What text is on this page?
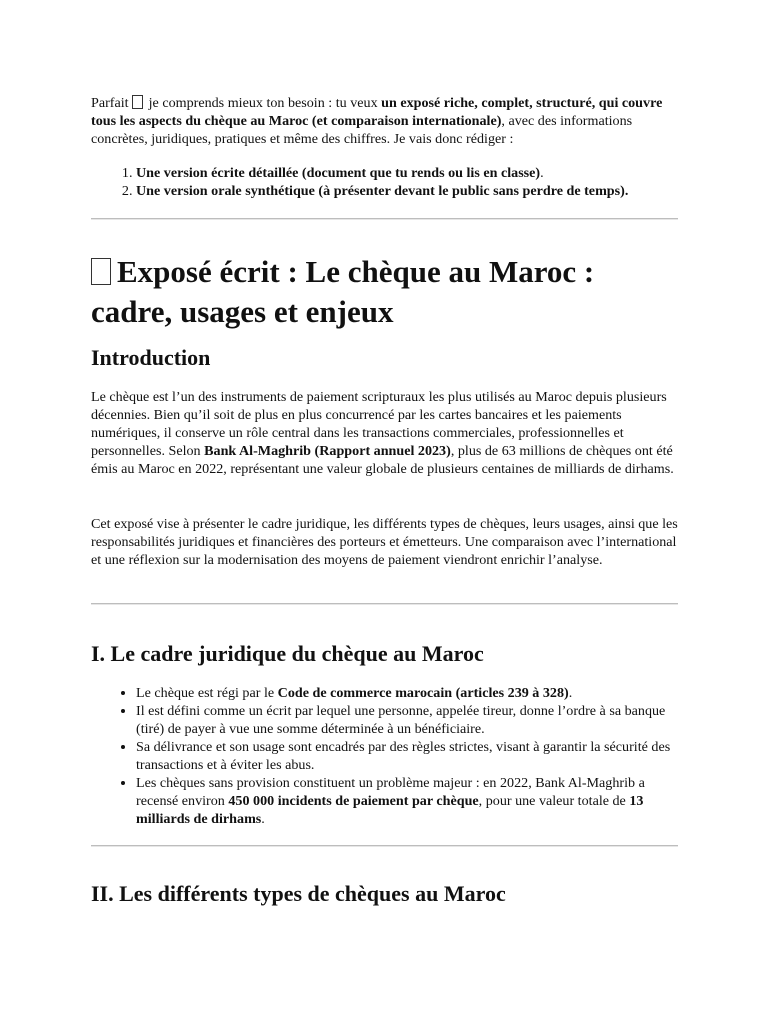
Parfait  je comprends mieux ton besoin : tu veux un exposé riche, complet, structuré, qui couvre tous les aspects du chèque au Maroc (et comparaison internationale), avec des informations concrètes, juridiques, pratiques et même des chiffres. Je vais donc rédiger :

1. Une version écrite détaillée (document que tu rends ou lis en classe).
2. Une version orale synthétique (à présenter devant le public sans perdre de temps).
Exposé écrit : Le chèque au Maroc : cadre, usages et enjeux
Introduction

Le chèque est l’un des instruments de paiement scripturaux les plus utilisés au Maroc depuis plusieurs décennies. Bien qu’il soit de plus en plus concurrencé par les cartes bancaires et les paiements numériques, il conserve un rôle central dans les transactions commerciales, professionnelles et personnelles. Selon Bank Al-Maghrib (Rapport annuel 2023), plus de 63 millions de chèques ont été émis au Maroc en 2022, représentant une valeur globale de plusieurs centaines de milliards de dirhams.

Cet exposé vise à présenter le cadre juridique, les différents types de chèques, leurs usages, ainsi que les responsabilités juridiques et financières des porteurs et émetteurs. Une comparaison avec l’international et une réflexion sur la modernisation des moyens de paiement viendront enrichir l’analyse.

I. Le cadre juridique du chèque au Maroc
• Le chèque est régi par le Code de commerce marocain (articles 239 à 328).
• Il est défini comme un écrit par lequel une personne, appelée tireur, donne l’ordre à sa banque (tiré) de payer à vue une somme déterminée à un bénéficiaire.
• Sa délivrance et son usage sont encadrés par des règles strictes, visant à garantir la sécurité des transactions et à éviter les abus.
• Les chèques sans provision constituent un problème majeur : en 2022, Bank Al-Maghrib a recensé environ 450 000 incidents de paiement par chèque, pour une valeur totale de 13 milliards de dirhams.
II. Les différents types de chèques au Maroc
